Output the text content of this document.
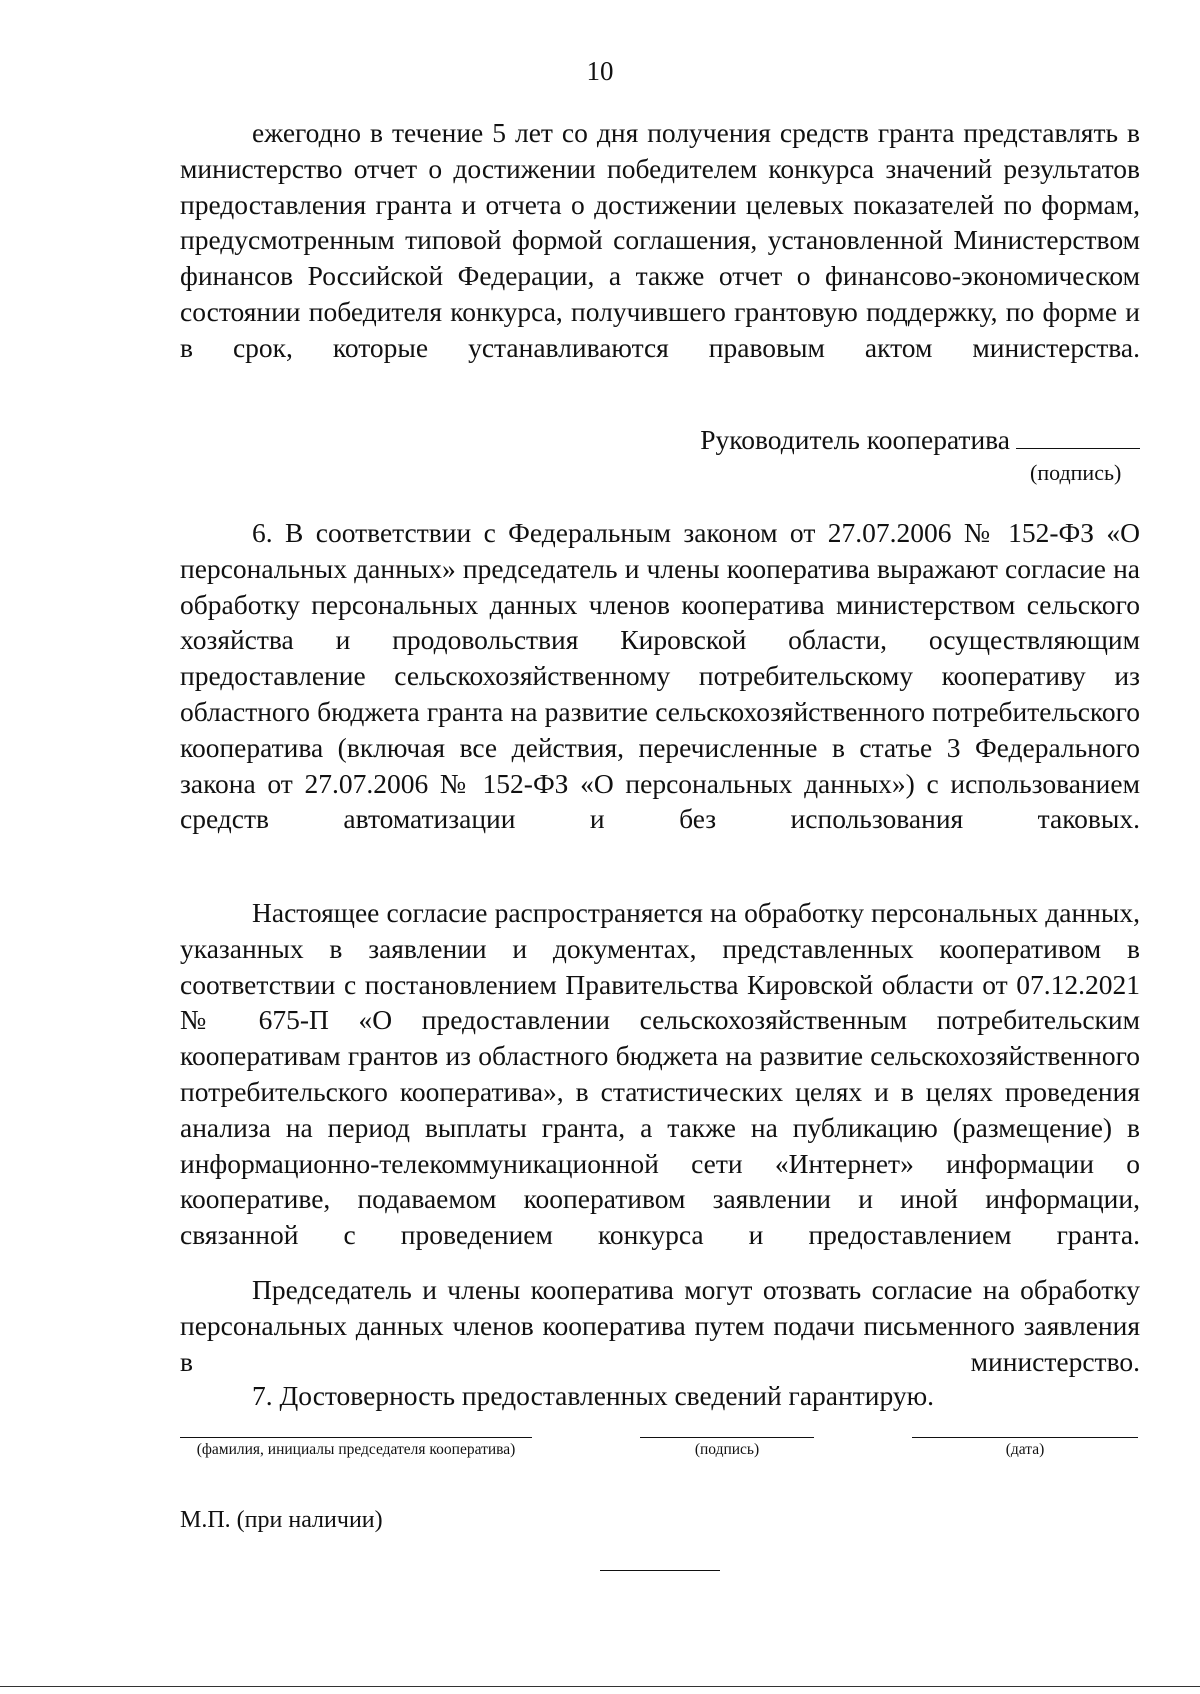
10
ежегодно в течение 5 лет со дня получения средств гранта представлять в министерство отчет о достижении победителем конкурса значений результатов предоставления гранта и отчета о достижении целевых показателей по формам, предусмотренным типовой формой соглашения, установленной Министерством финансов Российской Федерации, а также отчет о финансово-экономическом состоянии победителя конкурса, получившего грантовую поддержку, по форме и в срок, которые устанавливаются правовым актом министерства.
Руководитель кооператива
(подпись)
6. В соответствии с Федеральным законом от 27.07.2006 № 152-ФЗ «О персональных данных» председатель и члены кооператива выражают согласие на обработку персональных данных членов кооператива министерством сельского хозяйства и продовольствия Кировской области, осуществляющим предоставление сельскохозяйственному потребительскому кооперативу из областного бюджета гранта на развитие сельскохозяйственного потребительского кооператива (включая все действия, перечисленные в статье 3 Федерального закона от 27.07.2006 № 152-ФЗ «О персональных данных») с использованием средств автоматизации и без использования таковых.
Настоящее согласие распространяется на обработку персональных данных, указанных в заявлении и документах, представленных кооперативом в соответствии с постановлением Правительства Кировской области от 07.12.2021 № 675-П «О предоставлении сельскохозяйственным потребительским кооперативам грантов из областного бюджета на развитие сельскохозяйственного потребительского кооператива», в статистических целях и в целях проведения анализа на период выплаты гранта, а также на публикацию (размещение) в информационно-телекоммуникационной сети «Интернет» информации о кооперативе, подаваемом кооперативом заявлении и иной информации, связанной с проведением конкурса и предоставлением гранта.
Председатель и члены кооператива могут отозвать согласие на обработку персональных данных членов кооператива путем подачи письменного заявления в министерство.
7. Достоверность предоставленных сведений гарантирую.
(фамилия, инициалы председателя кооператива)	(подпись)	(дата)
М.П. (при наличии)
